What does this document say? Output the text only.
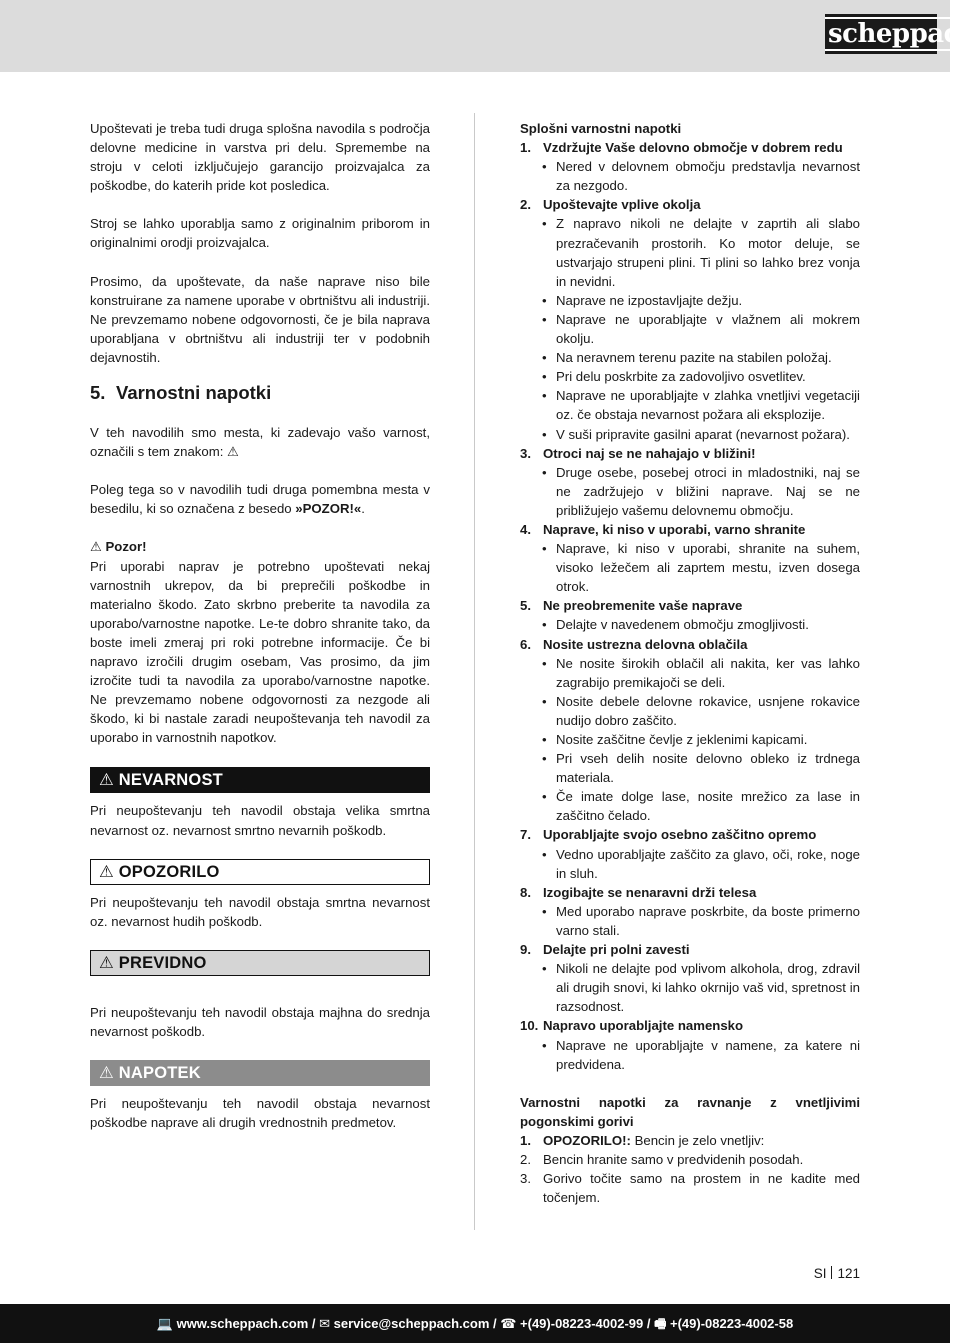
scheppach

Upoštevati je treba tudi druga splošna navodila s področja delovne medicine in varstva pri delu. Spremembe na stroju v celoti izključujejo garancijo proizvajalca za poškodbe, do katerih pride kot posledica.

Stroj se lahko uporablja samo z originalnim priborom in originalnimi orodji proizvajalca.

Prosimo, da upoštevate, da naše naprave niso bile konstruirane za namene uporabe v obrtništvu ali industriji. Ne prevzemamo nobene odgovornosti, če je bila naprava uporabljana v obrtništvu ali industriji ter v podobnih dejavnostih.

5. Varnostni napotki

V teh navodilih smo mesta, ki zadevajo vašo varnost, označili s tem znakom: ⚠

Poleg tega so v navodilih tudi druga pomembna mesta v besedilu, ki so označena z besedo »POZOR!«.

⚠ Pozor!

Pri uporabi naprav je potrebno upoštevati nekaj varnostnih ukrepov, da bi preprečili poškodbe in materialno škodo. Zato skrbno preberite ta navodila za uporabo/varnostne napotke. Le-te dobro shranite tako, da boste imeli zmeraj pri roki potrebne informacije. Če bi napravo izročili drugim osebam, Vas prosimo, da jim izročite tudi ta navodila za uporabo/varnostne napotke. Ne prevzemamo nobene odgovornosti za nezgode ali škodo, ki bi nastale zaradi neupoštevanja teh navodil za uporabo in varnostnih napotkov.

⚠ NEVARNOST

Pri neupoštevanju teh navodil obstaja velika smrtna nevarnost oz. nevarnost smrtno nevarnih poškodb.

⚠ OPOZORILO

Pri neupoštevanju teh navodil obstaja smrtna nevarnost oz. nevarnost hudih poškodb.

⚠ PREVIDNO

Pri neupoštevanju teh navodil obstaja majhna do srednja nevarnost poškodb.

⚠ NAPOTEK

Pri neupoštevanju teh navodil obstaja nevarnost poškodbe naprave ali drugih vrednostnih predmetov.

Splošni varnostni napotki

1. Vzdržujte Vaše delovno območje v dobrem redu
• Nered v delovnem območju predstavlja nevarnost za nezgodo.
2. Upoštevajte vplive okolja
• Z napravo nikoli ne delajte v zaprtih ali slabo prezračevanih prostorih. Ko motor deluje, se ustvarjajo strupeni plini. Ti plini so lahko brez vonja in nevidni.
• Naprave ne izpostavljajte dežju.
• Naprave ne uporabljajte v vlažnem ali mokrem okolju.
• Na neravnem terenu pazite na stabilen položaj.
• Pri delu poskrbite za zadovoljivo osvetlitev.
• Naprave ne uporabljajte v zlahka vnetljivi vegetaciji oz. če obstaja nevarnost požara ali eksplozije.
• V suši pripravite gasilni aparat (nevarnost požara).
3. Otroci naj se ne nahajajo v bližini!
• Druge osebe, posebej otroci in mladostniki, naj se ne zadržujejo v bližini naprave. Naj se ne približujejo vašemu delovnemu območju.
4. Naprave, ki niso v uporabi, varno shranite
• Naprave, ki niso v uporabi, shranite na suhem, visoko ležečem ali zaprtem mestu, izven dosega otrok.
5. Ne preobremenite vaše naprave
• Delajte v navedenem območju zmogljivosti.
6. Nosite ustrezna delovna oblačila
• Ne nosite širokih oblačil ali nakita, ker vas lahko zagrabijo premikajoči se deli.
• Nosite debele delovne rokavice, usnjene rokavice nudijo dobro zaščito.
• Nosite zaščitne čevlje z jeklenimi kapicami.
• Pri vseh delih nosite delovno obleko iz trdnega materiala.
• Če imate dolge lase, nosite mrežico za lase in zaščitno čelado.
7. Uporabljajte svojo osebno zaščitno opremo
• Vedno uporabljajte zaščito za glavo, oči, roke, noge in sluh.
8. Izogibajte se nenaravni drži telesa
• Med uporabo naprave poskrbite, da boste primerno varno stali.
9. Delajte pri polni zavesti
• Nikoli ne delajte pod vplivom alkohola, drog, zdravil ali drugih snovi, ki lahko okrnijo vaš vid, spretnost in razsodnost.
10. Napravo uporabljajte namensko
• Naprave ne uporabljajte v namene, za katere ni predvidena.

Varnostni napotki za ravnanje z vnetljivimi pogonskimi gorivi

1. OPOZORILO!: Bencin je zelo vnetljiv:
2. Bencin hranite samo v predvidenih posodah.
3. Gorivo točite samo na prostem in ne kadite med točenjem.
SI 121
💻 www.scheppach.com / ✉ service@scheppach.com / ☎ +(49)-08223-4002-99 / 🖷 +(49)-08223-4002-58
